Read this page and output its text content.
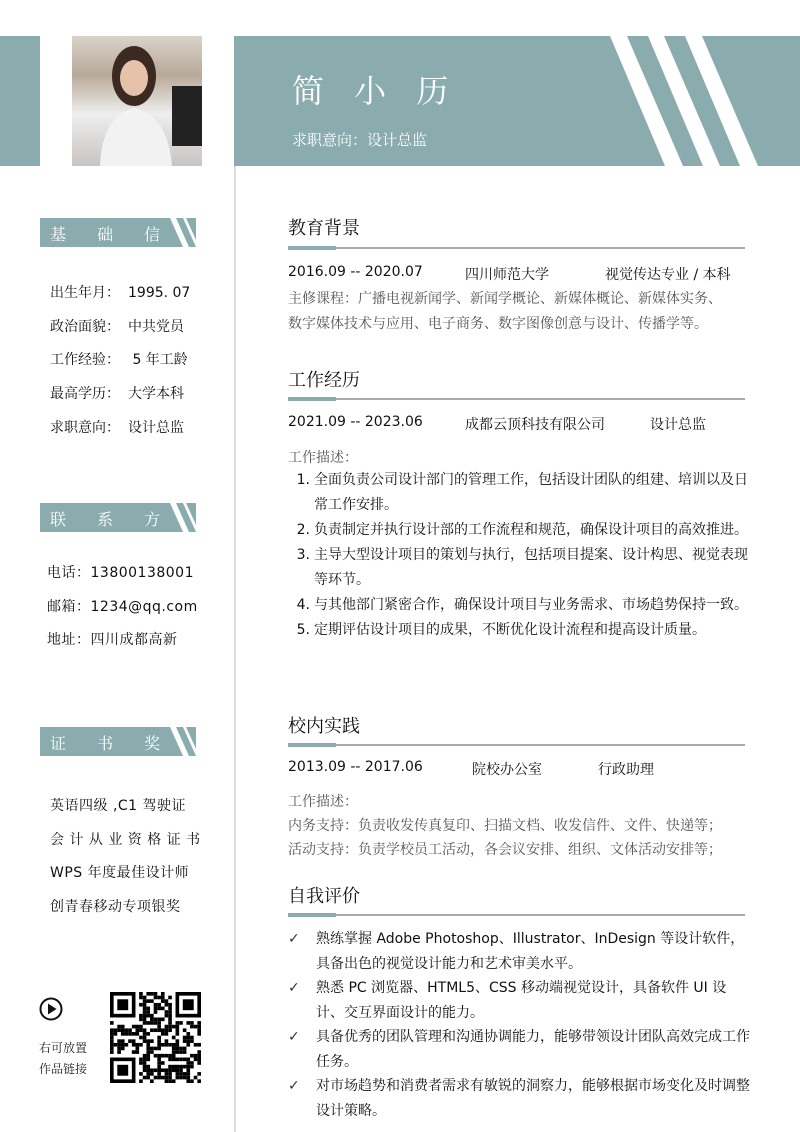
简 小 历
求职意向：设计总监
基 础 信 息
出生年月： 1995. 07
政治面貌： 中共党员
工作经验： 5 年工龄
最高学历： 大学本科
求职意向： 设计总监
联 系 方 式
电话：13800138001
邮箱：1234@qq.com
地址：四川成都高新
证 书 奖 励
英语四级 ,C1 驾驶证
会 计 从 业 资 格 证 书
WPS 年度最佳设计师
创青春移动专项银奖
右可放置
作品链接
教育背景
2016.09 -- 2020.07	四川师范大学	视觉传达专业 / 本科
主修课程：广播电视新闻学、新闻学概论、新媒体概论、新媒体实务、
数字媒体技术与应用、电子商务、数字图像创意与设计、传播学等。
工作经历
2021.09 -- 2023.06	成都云顶科技有限公司	设计总监
工作描述：
1. 全面负责公司设计部门的管理工作，包括设计团队的组建、培训以及日常工作安排。
2. 负责制定并执行设计部的工作流程和规范，确保设计项目的高效推进。
3. 主导大型设计项目的策划与执行，包括项目提案、设计构思、视觉表现等环节。
4. 与其他部门紧密合作，确保设计项目与业务需求、市场趋势保持一致。
5. 定期评估设计项目的成果，不断优化设计流程和提高设计质量。
校内实践
2013.09 -- 2017.06	院校办公室	行政助理
工作描述：
内务支持：负责收发传真复印、扫描文档、收发信件、文件、快递等；
活动支持：负责学校员工活动，各会议安排、组织、文体活动安排等；
自我评价
✓ 熟练掌握 Adobe Photoshop、Illustrator、InDesign 等设计软件，具备出色的视觉设计能力和艺术审美水平。
✓ 熟悉 PC 浏览器、HTML5、CSS 移动端视觉设计，具备软件 UI 设计、交互界面设计的能力。
✓ 具备优秀的团队管理和沟通协调能力，能够带领设计团队高效完成工作任务。
✓ 对市场趋势和消费者需求有敏锐的洞察力，能够根据市场变化及时调整设计策略。
